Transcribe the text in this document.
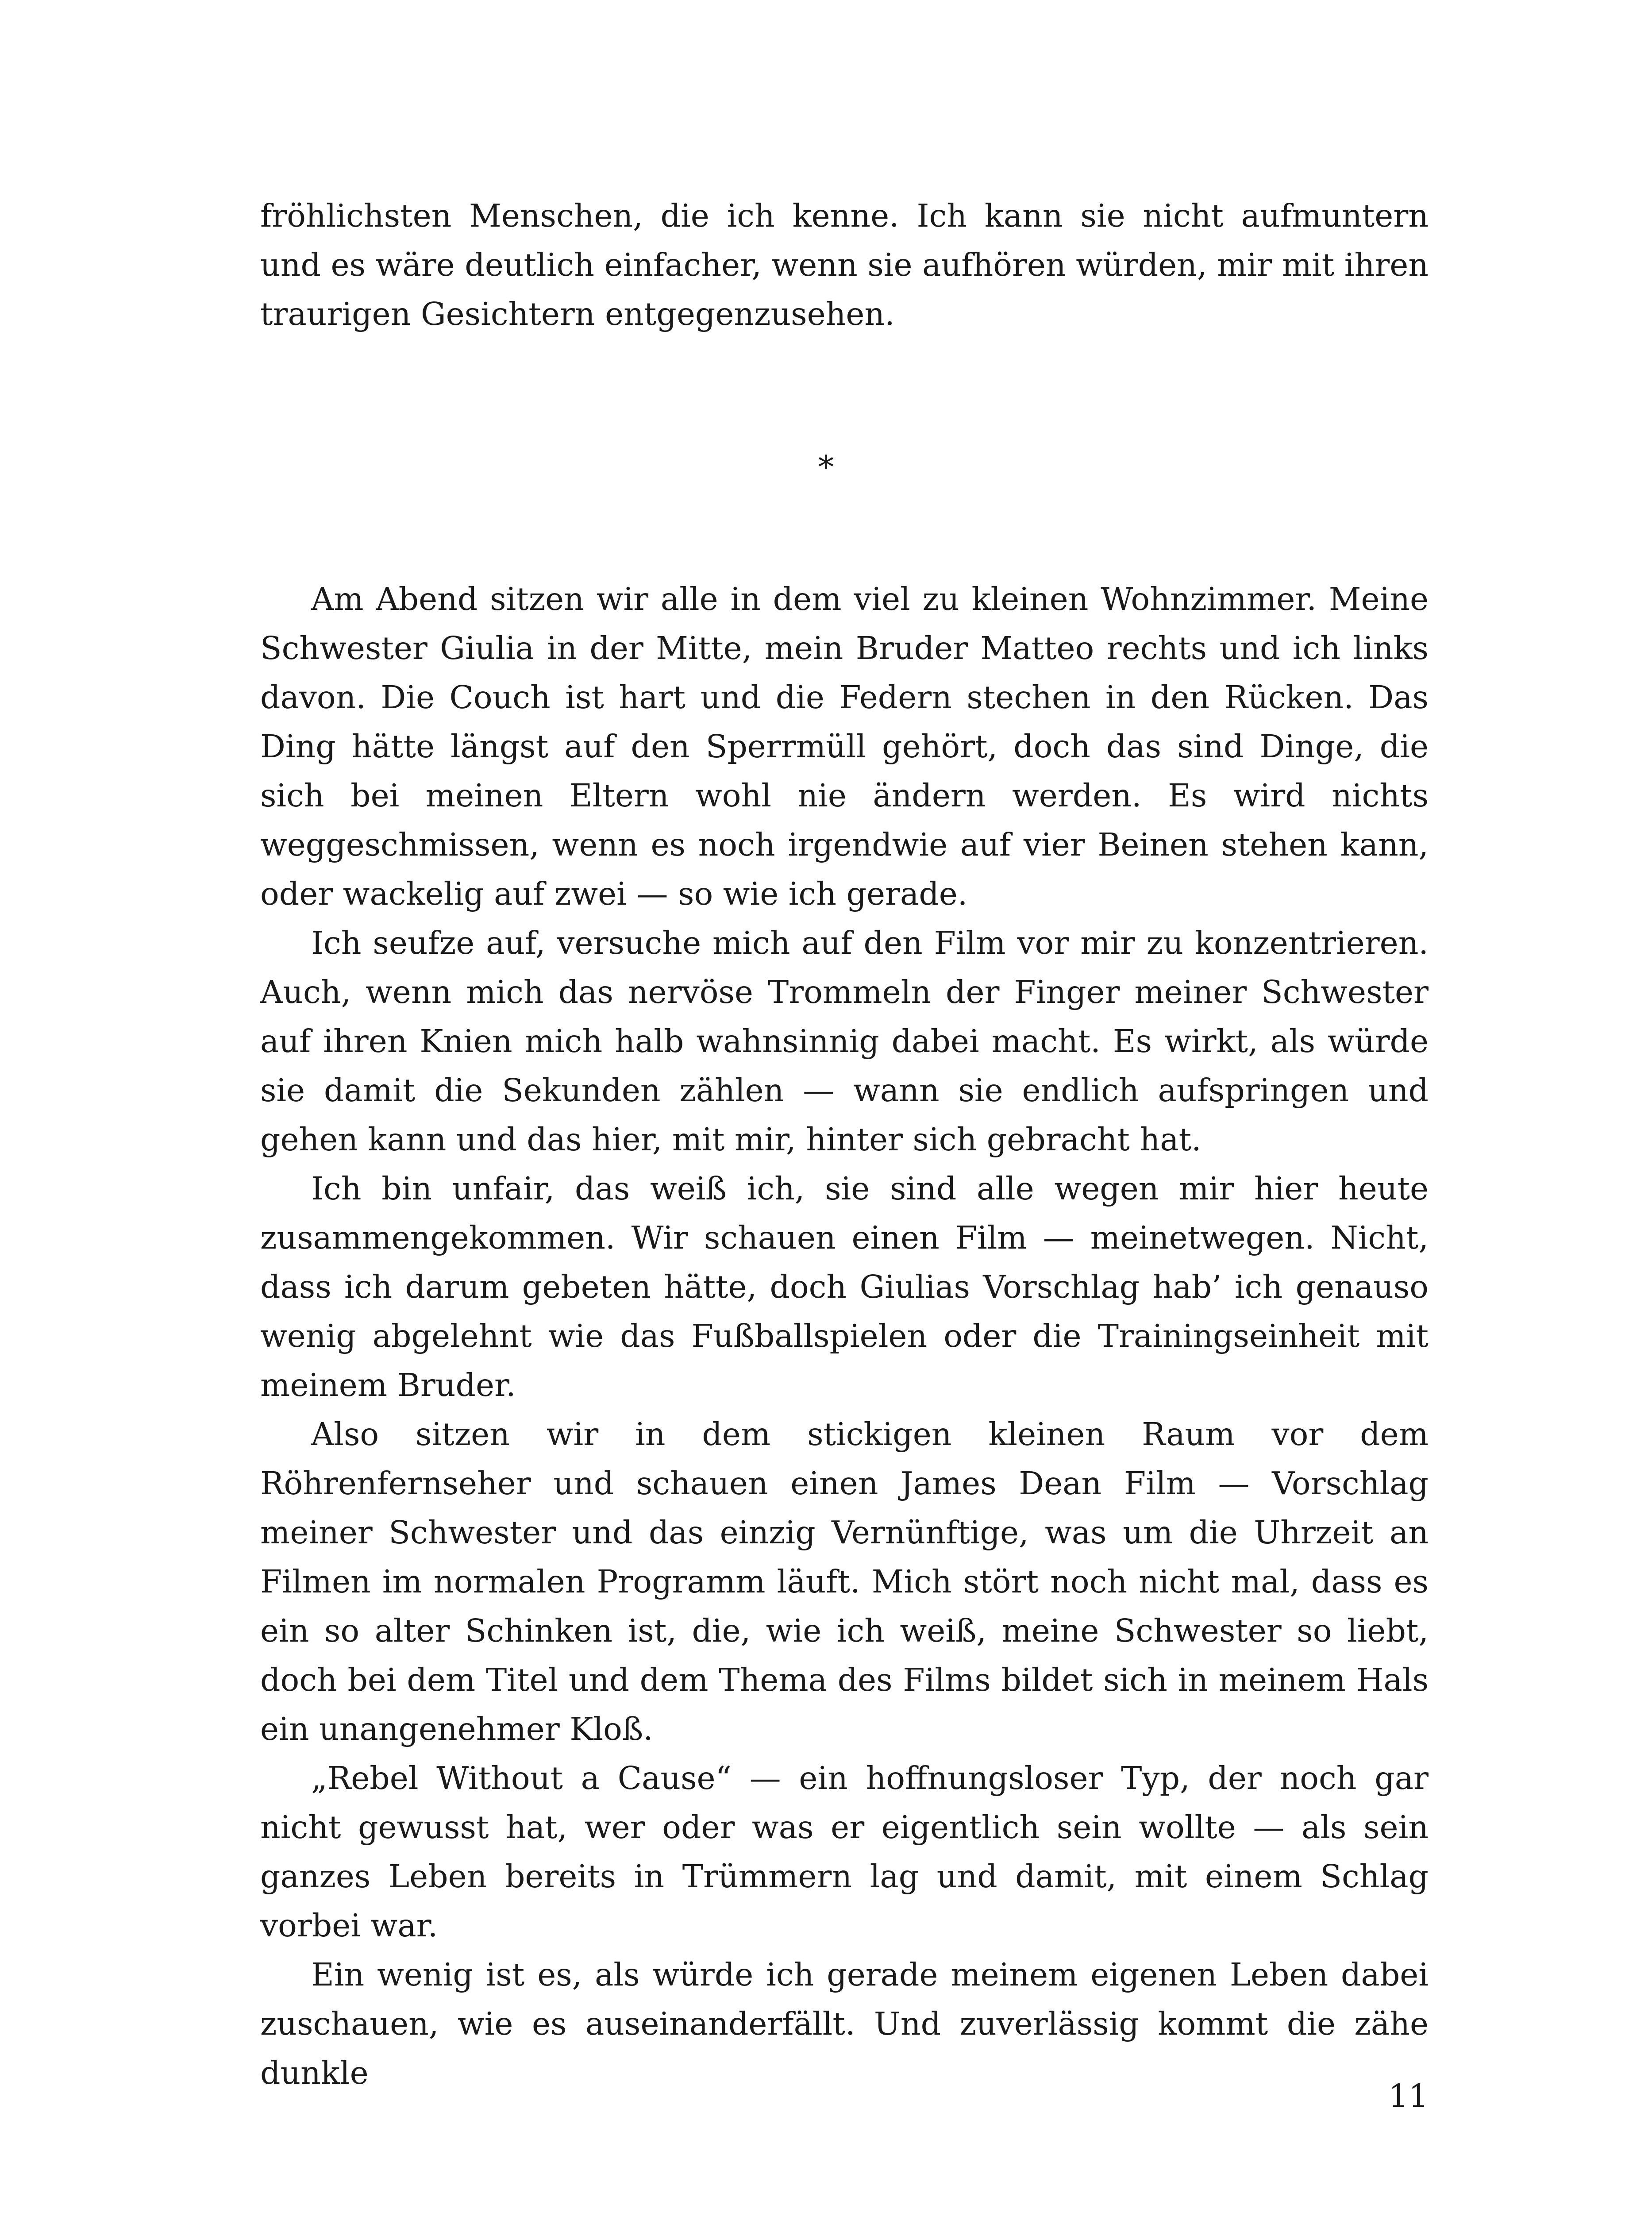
fröhlichsten Menschen, die ich kenne. Ich kann sie nicht aufmuntern und es wäre deutlich einfacher, wenn sie aufhören würden, mir mit ihren traurigen Gesichtern entgegenzusehen.

*

Am Abend sitzen wir alle in dem viel zu kleinen Wohnzimmer. Meine Schwester Giulia in der Mitte, mein Bruder Matteo rechts und ich links davon. Die Couch ist hart und die Federn stechen in den Rücken. Das Ding hätte längst auf den Sperrmüll gehört, doch das sind Dinge, die sich bei meinen Eltern wohl nie ändern werden. Es wird nichts weggeschmissen, wenn es noch irgendwie auf vier Beinen stehen kann, oder wackelig auf zwei — so wie ich gerade.

Ich seufze auf, versuche mich auf den Film vor mir zu konzentrieren. Auch, wenn mich das nervöse Trommeln der Finger meiner Schwester auf ihren Knien mich halb wahnsinnig dabei macht. Es wirkt, als würde sie damit die Sekunden zählen — wann sie endlich aufspringen und gehen kann und das hier, mit mir, hinter sich gebracht hat.

Ich bin unfair, das weiß ich, sie sind alle wegen mir hier heute zusammengekommen. Wir schauen einen Film — meinetwegen. Nicht, dass ich darum gebeten hätte, doch Giulias Vorschlag hab’ ich genauso wenig abgelehnt wie das Fußballspielen oder die Trainingseinheit mit meinem Bruder.

Also sitzen wir in dem stickigen kleinen Raum vor dem Röhrenfernseher und schauen einen James Dean Film — Vorschlag meiner Schwester und das einzig Vernünftige, was um die Uhrzeit an Filmen im normalen Programm läuft. Mich stört noch nicht mal, dass es ein so alter Schinken ist, die, wie ich weiß, meine Schwester so liebt, doch bei dem Titel und dem Thema des Films bildet sich in meinem Hals ein unangenehmer Kloß.

„Rebel Without a Cause“ — ein hoffnungsloser Typ, der noch gar nicht gewusst hat, wer oder was er eigentlich sein wollte — als sein ganzes Leben bereits in Trümmern lag und damit, mit einem Schlag vorbei war.

Ein wenig ist es, als würde ich gerade meinem eigenen Leben dabei zuschauen, wie es auseinanderfällt. Und zuverlässig kommt die zähe dunkle

11
